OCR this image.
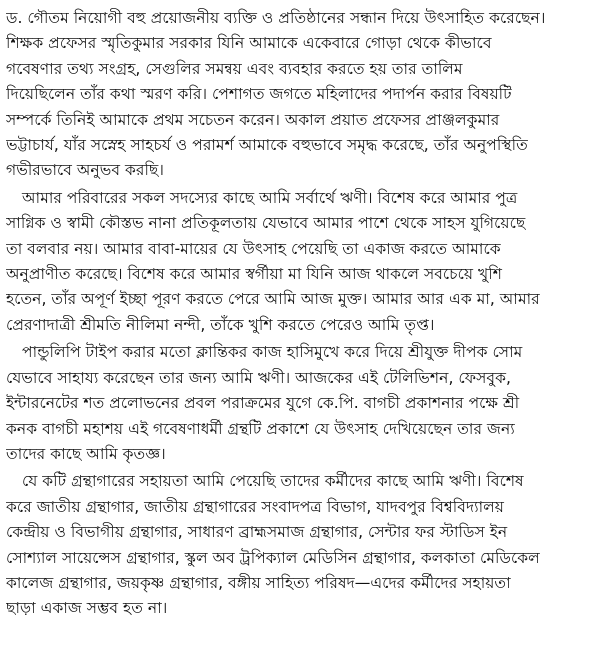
ড. গৌতম নিয়োগী বহু প্রয়োজনীয় ব্যক্তি ও প্রতিষ্ঠানের সন্ধান দিয়ে উৎসাহিত করেছেন।
শিক্ষক প্রফেসর স্মৃতিকুমার সরকার যিনি আমাকে একেবারে গোড়া থেকে কীভাবে
গবেষণার তথ্য সংগ্রহ, সেগুলির সমন্বয় এবং ব্যবহার করতে হয় তার তালিম
দিয়েছিলেন তাঁর কথা স্মরণ করি। পেশাগত জগতে মহিলাদের পদার্পন করার বিষয়টি
সম্পর্কে তিনিই আমাকে প্রথম সচেতন করেন। অকাল প্রয়াত প্রফেসর প্রাঞ্জলকুমার
ভট্টাচার্য, যাঁর সস্নেহ সাহচর্য ও পরামর্শ আমাকে বহুভাবে সমৃদ্ধ করেছে, তাঁর অনুপস্থিতি
গভীরভাবে অনুভব করছি।
আমার পরিবারের সকল সদস্যের কাছে আমি সর্বার্থে ঋণী। বিশেষ করে আমার পুত্র
সাগ্নিক ও স্বামী কৌস্তভ নানা প্রতিকূলতায় যেভাবে আমার পাশে থেকে সাহস যুগিয়েছে
তা বলবার নয়। আমার বাবা-মায়ের যে উৎসাহ পেয়েছি তা একাজ করতে আমাকে
অনুপ্রাণীত করেছে। বিশেষ করে আমার স্বর্গীয়া মা যিনি আজ থাকলে সবচেয়ে খুশি
হতেন, তাঁর অপূর্ণ ইচ্ছা পূরণ করতে পেরে আমি আজ মুক্ত। আমার আর এক মা, আমার
প্রেরণাদাত্রী শ্রীমতি নীলিমা নন্দী, তাঁকে খুশি করতে পেরেও আমি তৃপ্ত।
পান্ডুলিপি টাইপ করার মতো ক্লান্তিকর কাজ হাসিমুখে করে দিয়ে শ্রীযুক্ত দীপক সোম
যেভাবে সাহায্য করেছেন তার জন্য আমি ঋণী। আজকের এই টেলিভিশন, ফেসবুক,
ইন্টারনেটের শত প্রলোভনের প্রবল পরাক্রমের যুগে কে.পি. বাগচী প্রকাশনার পক্ষে শ্রী
কনক বাগচী মহাশয় এই গবেষণাধর্মী গ্রন্থটি প্রকাশে যে উৎসাহ দেখিয়েছেন তার জন্য
তাদের কাছে আমি কৃতজ্ঞ।
যে কটি গ্রন্থাগারের সহায়তা আমি পেয়েছি তাদের কর্মীদের কাছে আমি ঋণী। বিশেষ
করে জাতীয় গ্রন্থাগার, জাতীয় গ্রন্থাগারের সংবাদপত্র বিভাগ, যাদবপুর বিশ্ববিদ্যালয়
কেন্দ্রীয় ও বিভাগীয় গ্রন্থাগার, সাধারণ ব্রাহ্মসমাজ গ্রন্থাগার, সেন্টার ফর স্টাডিস ইন
সোশ্যাল সায়েন্সেস গ্রন্থাগার, স্কুল অব ট্রপিক্যাল মেডিসিন গ্রন্থাগার, কলকাতা মেডিকেল
কালেজ গ্রন্থাগার, জয়কৃষ্ণ গ্রন্থাগার, বঙ্গীয় সাহিত্য পরিষদ—এদের কর্মীদের সহায়তা
ছাড়া একাজ সম্ভব হত না।
